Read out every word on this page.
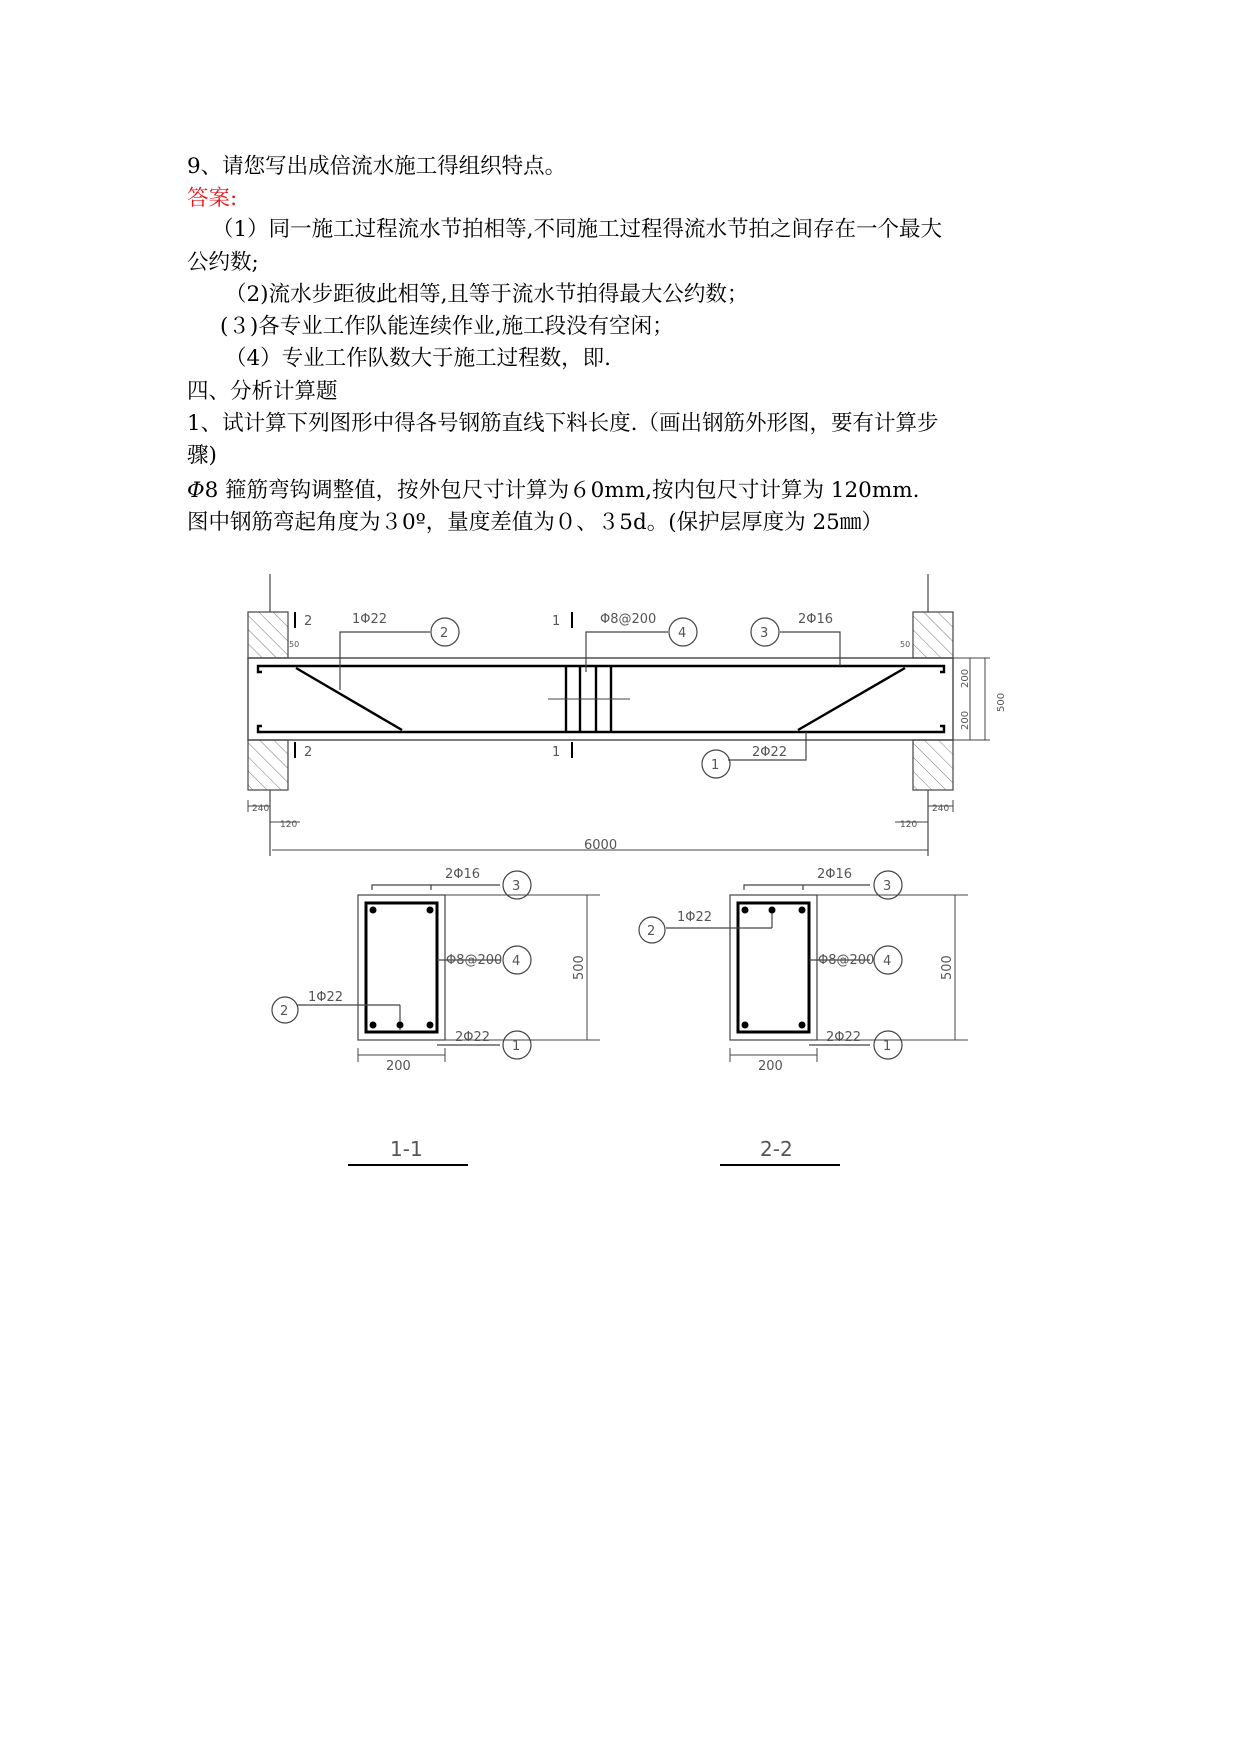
9、请您写出成倍流水施工得组织特点。
答案:
（1）同一施工过程流水节拍相等,不同施工过程得流水节拍之间存在一个最大
公约数;
（2)流水步距彼此相等,且等于流水节拍得最大公约数；
(３)各专业工作队能连续作业,施工段没有空闲；
（4）专业工作队数大于施工过程数，即.
四、分析计算题
1、试计算下列图形中得各号钢筋直线下料长度.（画出钢筋外形图，要有计算步
骤)
Φ8 箍筋弯钩调整值，按外包尺寸计算为６0mm,按内包尺寸计算为 120mm.
图中钢筋弯起角度为３0º，量度差值为０、３5d。(保护层厚度为 25㎜）
2	1Φ22	1	Φ8@200	2Φ16
2	1	2Φ22
2	4	3
1
50	50
240	240
120	120
6000
200
200
500
2Φ16
Φ8@200
1Φ22
2Φ22
3
4
1
2
200
500
1-1
2Φ16
Φ8@200
1Φ22
2Φ22
3
4
1
2
200
500
2-2
